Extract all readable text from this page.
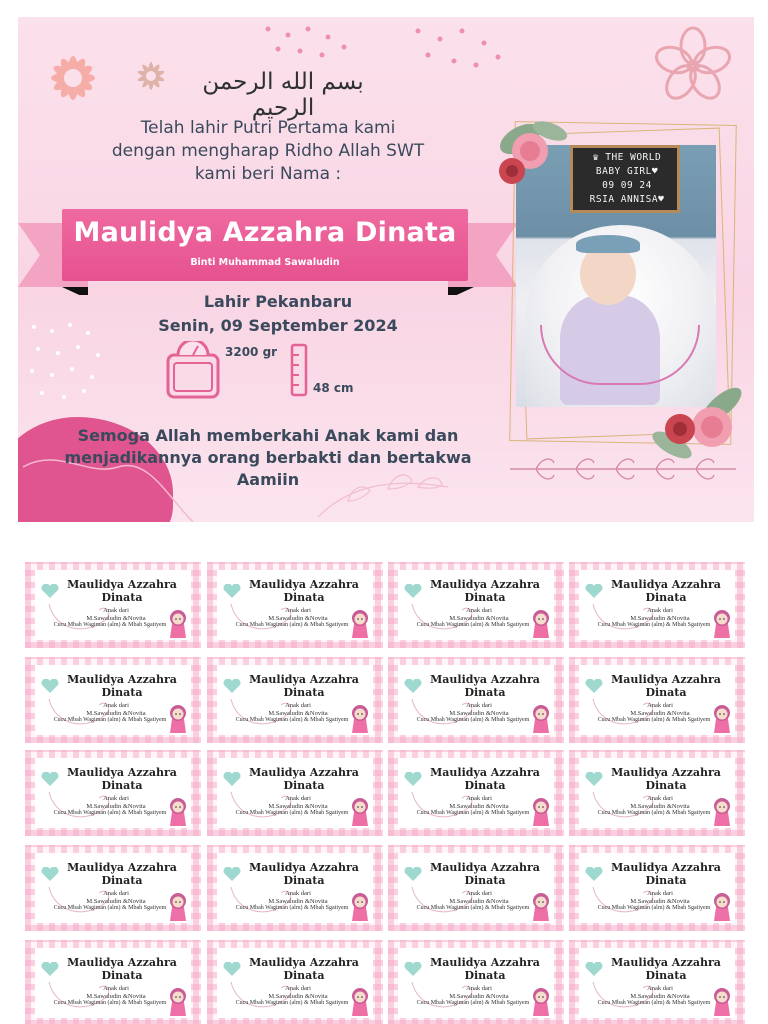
بسم الله الرحمن الرحيم
Telah lahir Putri Pertama kami
dengan mengharap Ridho Allah SWT
kami beri Nama :
Maulidya Azzahra Dinata
Binti Muhammad Sawaludin
Lahir Pekanbaru
Senin, 09 September 2024
3200 gr
48 cm
Semoga Allah memberkahi Anak kami dan
menjadikannya orang berbakti dan bertakwa
Aamiin
♛ THE WORLD
BABY GIRL♥
09 09 24
RSIA ANNISA♥
Maulidya Azzahra
Dinata
Anak dari
M.Sawaludin &Novita
Cucu Mbah Wagiman (alm) & Mbah Sgatiyem
Maulidya Azzahra
Dinata
Anak dari
M.Sawaludin &Novita
Cucu Mbah Wagiman (alm) & Mbah Sgatiyem
Maulidya Azzahra
Dinata
Anak dari
M.Sawaludin &Novita
Cucu Mbah Wagiman (alm) & Mbah Sgatiyem
Maulidya Azzahra
Dinata
Anak dari
M.Sawaludin &Novita
Cucu Mbah Wagiman (alm) & Mbah Sgatiyem
Maulidya Azzahra
Dinata
Anak dari
M.Sawaludin &Novita
Cucu Mbah Wagiman (alm) & Mbah Sgatiyem
Maulidya Azzahra
Dinata
Anak dari
M.Sawaludin &Novita
Cucu Mbah Wagiman (alm) & Mbah Sgatiyem
Maulidya Azzahra
Dinata
Anak dari
M.Sawaludin &Novita
Cucu Mbah Wagiman (alm) & Mbah Sgatiyem
Maulidya Azzahra
Dinata
Anak dari
M.Sawaludin &Novita
Cucu Mbah Wagiman (alm) & Mbah Sgatiyem
Maulidya Azzahra
Dinata
Anak dari
M.Sawaludin &Novita
Cucu Mbah Wagiman (alm) & Mbah Sgatiyem
Maulidya Azzahra
Dinata
Anak dari
M.Sawaludin &Novita
Cucu Mbah Wagiman (alm) & Mbah Sgatiyem
Maulidya Azzahra
Dinata
Anak dari
M.Sawaludin &Novita
Cucu Mbah Wagiman (alm) & Mbah Sgatiyem
Maulidya Azzahra
Dinata
Anak dari
M.Sawaludin &Novita
Cucu Mbah Wagiman (alm) & Mbah Sgatiyem
Maulidya Azzahra
Dinata
Anak dari
M.Sawaludin &Novita
Cucu Mbah Wagiman (alm) & Mbah Sgatiyem
Maulidya Azzahra
Dinata
Anak dari
M.Sawaludin &Novita
Cucu Mbah Wagiman (alm) & Mbah Sgatiyem
Maulidya Azzahra
Dinata
Anak dari
M.Sawaludin &Novita
Cucu Mbah Wagiman (alm) & Mbah Sgatiyem
Maulidya Azzahra
Dinata
Anak dari
M.Sawaludin &Novita
Cucu Mbah Wagiman (alm) & Mbah Sgatiyem
Maulidya Azzahra
Dinata
Anak dari
M.Sawaludin &Novita
Cucu Mbah Wagiman (alm) & Mbah Sgatiyem
Maulidya Azzahra
Dinata
Anak dari
M.Sawaludin &Novita
Cucu Mbah Wagiman (alm) & Mbah Sgatiyem
Maulidya Azzahra
Dinata
Anak dari
M.Sawaludin &Novita
Cucu Mbah Wagiman (alm) & Mbah Sgatiyem
Maulidya Azzahra
Dinata
Anak dari
M.Sawaludin &Novita
Cucu Mbah Wagiman (alm) & Mbah Sgatiyem
